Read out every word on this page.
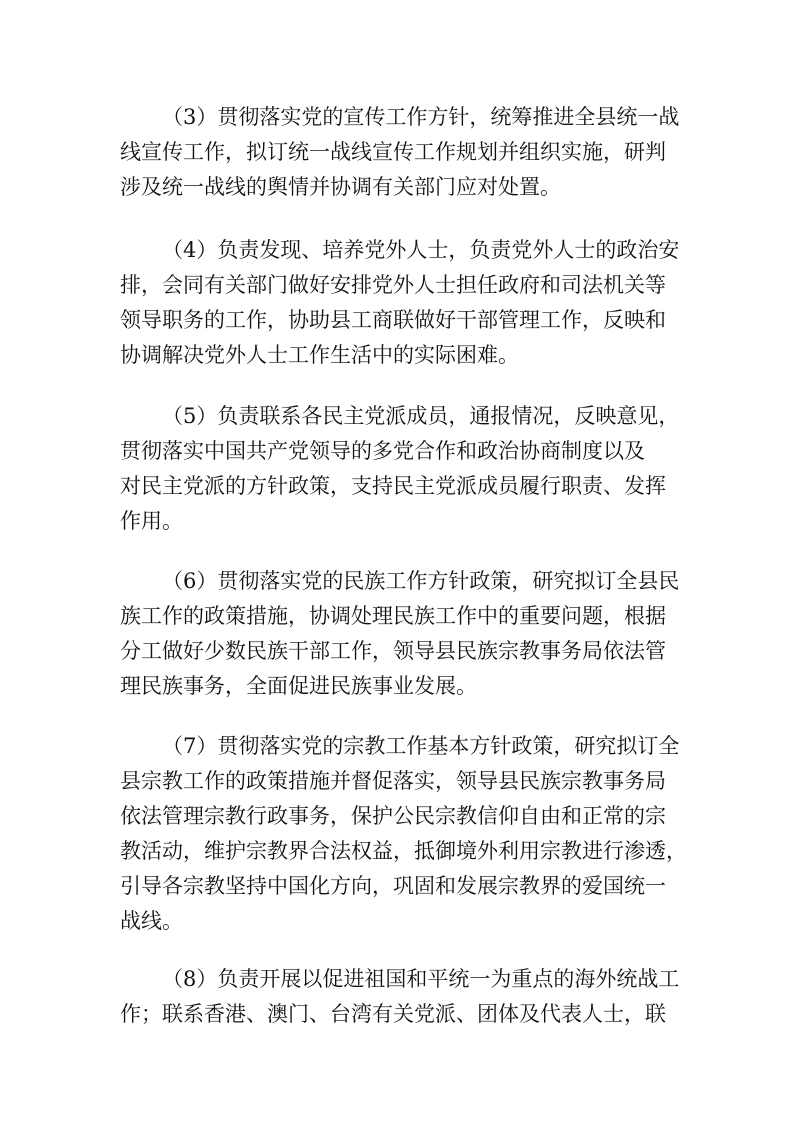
（3）贯彻落实党的宣传工作方针，统筹推进全县统一战
线宣传工作，拟订统一战线宣传工作规划并组织实施，研判
涉及统一战线的舆情并协调有关部门应对处置。
（4）负责发现、培养党外人士，负责党外人士的政治安
排，会同有关部门做好安排党外人士担任政府和司法机关等
领导职务的工作，协助县工商联做好干部管理工作，反映和
协调解决党外人士工作生活中的实际困难。
（5）负责联系各民主党派成员，通报情况，反映意见，
贯彻落实中国共产党领导的多党合作和政治协商制度以及
对民主党派的方针政策，支持民主党派成员履行职责、发挥
作用。
（6）贯彻落实党的民族工作方针政策，研究拟订全县民
族工作的政策措施，协调处理民族工作中的重要问题，根据
分工做好少数民族干部工作，领导县民族宗教事务局依法管
理民族事务，全面促进民族事业发展。
（7）贯彻落实党的宗教工作基本方针政策，研究拟订全
县宗教工作的政策措施并督促落实，领导县民族宗教事务局
依法管理宗教行政事务，保护公民宗教信仰自由和正常的宗
教活动，维护宗教界合法权益，抵御境外利用宗教进行渗透，
引导各宗教坚持中国化方向，巩固和发展宗教界的爱国统一
战线。
（8）负责开展以促进祖国和平统一为重点的海外统战工
作；联系香港、澳门、台湾有关党派、团体及代表人士，联
